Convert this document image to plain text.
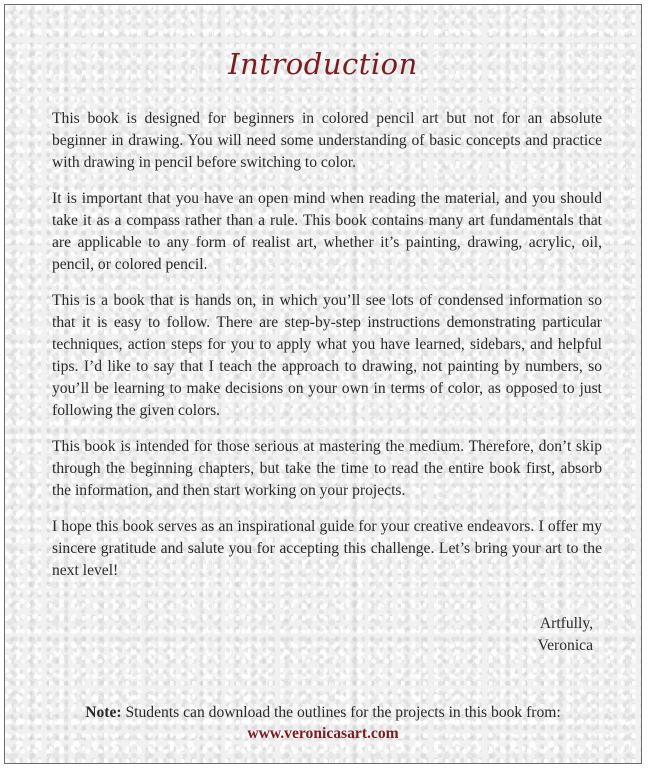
Introduction

This book is designed for beginners in colored pencil art but not for an absolute beginner in drawing. You will need some understanding of basic concepts and practice with drawing in pencil before switching to color.

It is important that you have an open mind when reading the material, and you should take it as a compass rather than a rule. This book contains many art fundamentals that are applicable to any form of realist art, whether it’s painting, drawing, acrylic, oil, pencil, or colored pencil.

This is a book that is hands on, in which you’ll see lots of condensed information so that it is easy to follow. There are step-by-step instructions demonstrating particular techniques, action steps for you to apply what you have learned, sidebars, and helpful tips. I’d like to say that I teach the approach to drawing, not painting by numbers, so you’ll be learning to make decisions on your own in terms of color, as opposed to just following the given colors.

This book is intended for those serious at mastering the medium. Therefore, don’t skip through the beginning chapters, but take the time to read the entire book first, absorb the information, and then start working on your projects.

I hope this book serves as an inspirational guide for your creative endeavors. I offer my sincere gratitude and salute you for accepting this challenge. Let’s bring your art to the next level!

Artfully,
Veronica
Note: Students can download the outlines for the projects in this book from:
www.veronicasart.com
